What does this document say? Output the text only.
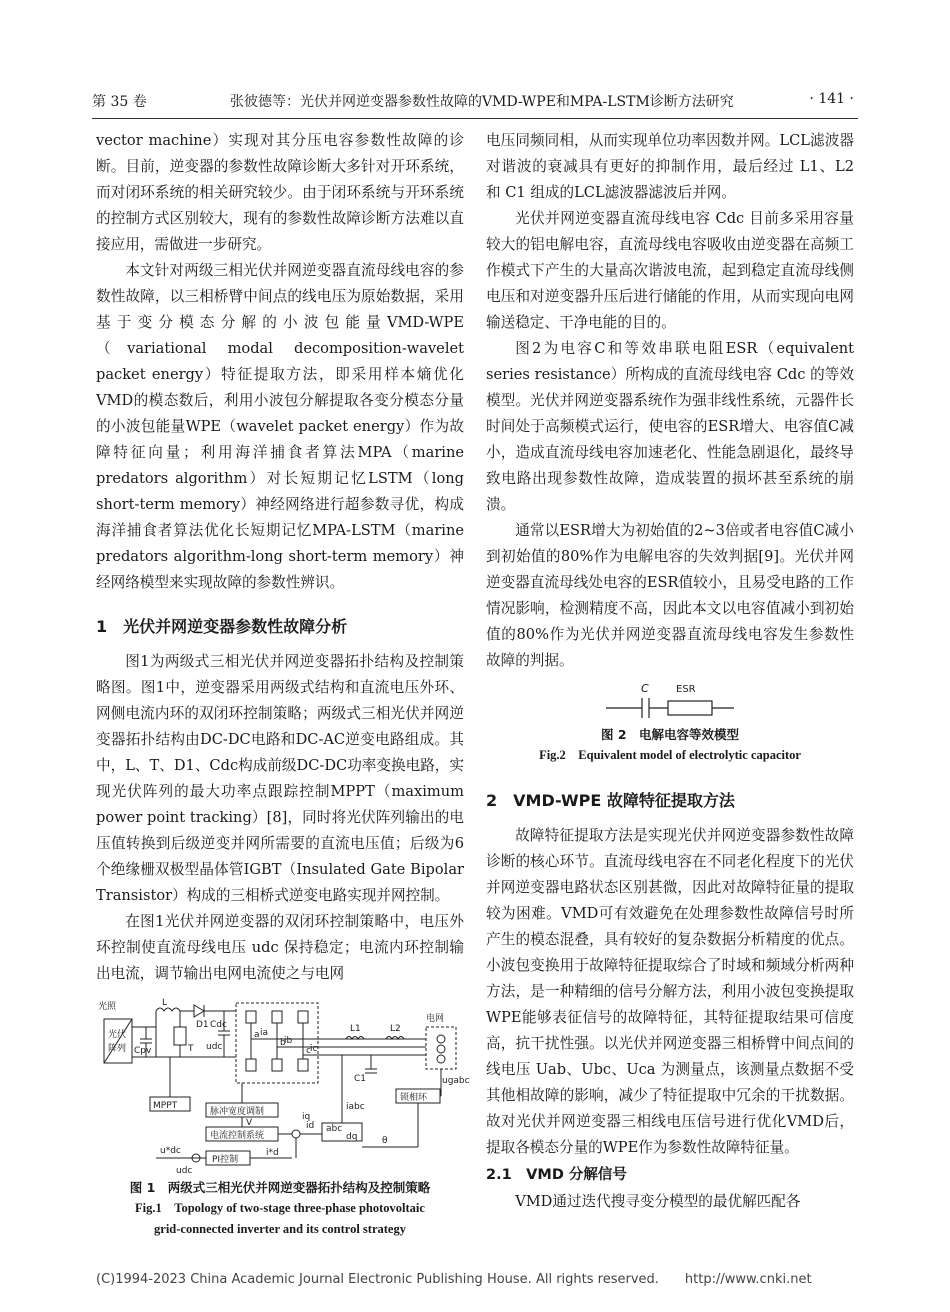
第 35 卷	张彼德等：光伏并网逆变器参数性故障的VMD-WPE和MPA-LSTM诊断方法研究	· 141 ·

vector machine）实现对其分压电容参数性故障的诊断。目前，逆变器的参数性故障诊断大多针对开环系统，而对闭环系统的相关研究较少。由于闭环系统与开环系统的控制方式区别较大，现有的参数性故障诊断方法难以直接应用，需做进一步研究。

本文针对两级三相光伏并网逆变器直流母线电容的参数性故障，以三相桥臂中间点的线电压为原始数据，采用基于变分模态分解的小波包能量VMD-WPE（variational modal decomposition-wavelet packet energy）特征提取方法，即采用样本熵优化VMD的模态数后，利用小波包分解提取各变分模态分量的小波包能量WPE（wavelet packet energy）作为故障特征向量；利用海洋捕食者算法MPA（marine predators algorithm）对长短期记忆LSTM（long short-term memory）神经网络进行超参数寻优，构成海洋捕食者算法优化长短期记忆MPA-LSTM（marine predators algorithm-long short-term memory）神经网络模型来实现故障的参数性辨识。

1　光伏并网逆变器参数性故障分析

图1为两级式三相光伏并网逆变器拓扑结构及控制策略图。图1中，逆变器采用两级式结构和直流电压外环、网侧电流内环的双闭环控制策略；两级式三相光伏并网逆变器拓扑结构由DC-DC电路和DC-AC逆变电路组成。其中，L、T、D1、Cdc构成前级DC-DC功率变换电路，实现光伏阵列的最大功率点跟踪控制MPPT（maximum power point tracking）[8]，同时将光伏阵列输出的电压值转换到后级逆变并网所需要的直流电压值；后级为6个绝缘栅双极型晶体管IGBT（Insulated Gate Bipolar Transistor）构成的三相桥式逆变电路实现并网控制。

在图1光伏并网逆变器的双闭环控制策略中，电压外环控制使直流母线电压 udc 保持稳定；电流内环控制输出电流，调节输出电网电流使之与电网

光照
光伏
阵列 Cpv
L
D1
T
Cdc
udc
a
b
c
L1	L2
C1
电网
MPPT
脉冲宽度调制
电流控制系统
PI控制
锁相环
abc
dq	θ
u*dc
udc
i*d
iabc
ugabc
id
iq
V
ia
ib
ic
图 1　两级式三相光伏并网逆变器拓扑结构及控制策略
Fig.1　Topology of two-stage three-phase photovoltaic
grid-connected inverter and its control strategy

电压同频同相，从而实现单位功率因数并网。LCL滤波器对谐波的衰减具有更好的抑制作用，最后经过 L1、L2 和 C1 组成的LCL滤波器滤波后并网。

光伏并网逆变器直流母线电容 Cdc 目前多采用容量较大的铝电解电容，直流母线电容吸收由逆变器在高频工作模式下产生的大量高次谐波电流，起到稳定直流母线侧电压和对逆变器升压后进行储能的作用，从而实现向电网输送稳定、干净电能的目的。

图2为电容C和等效串联电阻ESR（equivalent series resistance）所构成的直流母线电容 Cdc 的等效模型。光伏并网逆变器系统作为强非线性系统，元器件长时间处于高频模式运行，使电容的ESR增大、电容值C减小，造成直流母线电容加速老化、性能急剧退化，最终导致电路出现参数性故障，造成装置的损坏甚至系统的崩溃。

通常以ESR增大为初始值的2~3倍或者电容值C减小到初始值的80%作为电解电容的失效判据[9]。光伏并网逆变器直流母线处电容的ESR值较小，且易受电路的工作情况影响，检测精度不高，因此本文以电容值减小到初始值的80%作为光伏并网逆变器直流母线电容发生参数性故障的判据。

C	ESR
图 2　电解电容等效模型
Fig.2　Equivalent model of electrolytic capacitor
2　VMD-WPE 故障特征提取方法

故障特征提取方法是实现光伏并网逆变器参数性故障诊断的核心环节。直流母线电容在不同老化程度下的光伏并网逆变器电路状态区别甚微，因此对故障特征量的提取较为困难。VMD可有效避免在处理参数性故障信号时所产生的模态混叠，具有较好的复杂数据分析精度的优点。小波包变换用于故障特征提取综合了时域和频域分析两种方法，是一种精细的信号分解方法，利用小波包变换提取WPE能够表征信号的故障特征，其特征提取结果可信度高，抗干扰性强。以光伏并网逆变器三相桥臂中间点间的线电压 Uab、Ubc、Uca 为测量点，该测量点数据不受其他相故障的影响，减少了特征提取中冗余的干扰数据。故对光伏并网逆变器三相线电压信号进行优化VMD后，提取各模态分量的WPE作为参数性故障特征量。

2.1　VMD 分解信号

VMD通过迭代搜寻变分模型的最优解匹配各

(C)1994-2023 China Academic Journal Electronic Publishing House. All rights reserved.　　http://www.cnki.net
